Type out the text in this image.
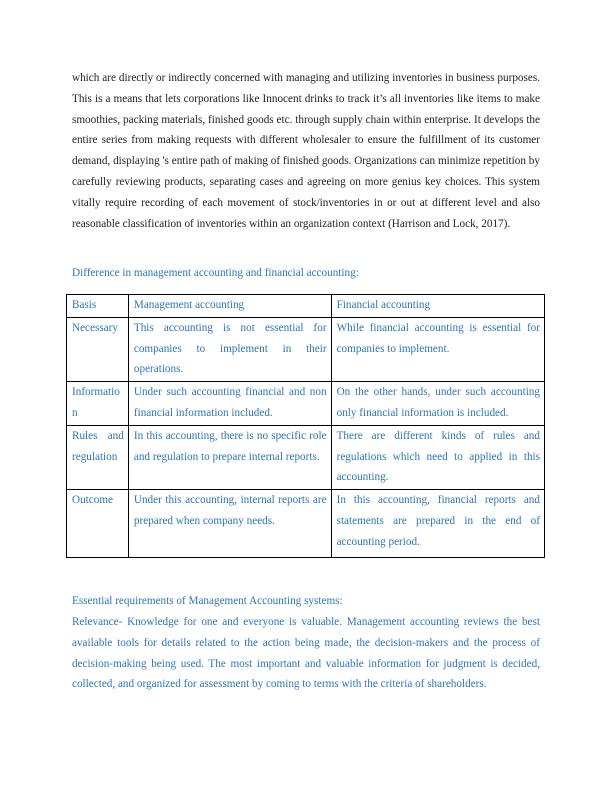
which are directly or indirectly concerned with managing and utilizing inventories in business purposes. This is a means that lets corporations like Innocent drinks to track it’s all inventories like items to make smoothies, packing materials, finished goods etc. through supply chain within enterprise. It develops the entire series from making requests with different wholesaler to ensure the fulfillment of its customer demand, displaying 's entire path of making of finished goods. Organizations can minimize repetition by carefully reviewing products, separating cases and agreeing on more genius key choices. This system vitally require recording of each movement of stock/inventories in or out at different level and also reasonable classification of inventories within an organization context (Harrison and Lock, 2017).

Difference in management accounting and financial accounting:

Basis	Management accounting	Financial accounting
Necessary	This accounting is not essential for companies to implement in their operations.	While financial accounting is essential for companies to implement.
Informatio n	Under such accounting financial and non financial information included.	On the other hands, under such accounting only financial information is included.
Rules and regulation	In this accounting, there is no specific role and regulation to prepare internal reports.	There are different kinds of rules and regulations which need to applied in this accounting.
Outcome	Under this accounting, internal reports are prepared when company needs.	In this accounting, financial reports and statements are prepared in the end of accounting period.

Essential requirements of Management Accounting systems:

Relevance- Knowledge for one and everyone is valuable. Management accounting reviews the best available tools for details related to the action being made, the decision-makers and the process of decision-making being used. The most important and valuable information for judgment is decided, collected, and organized for assessment by coming to terms with the criteria of shareholders.
